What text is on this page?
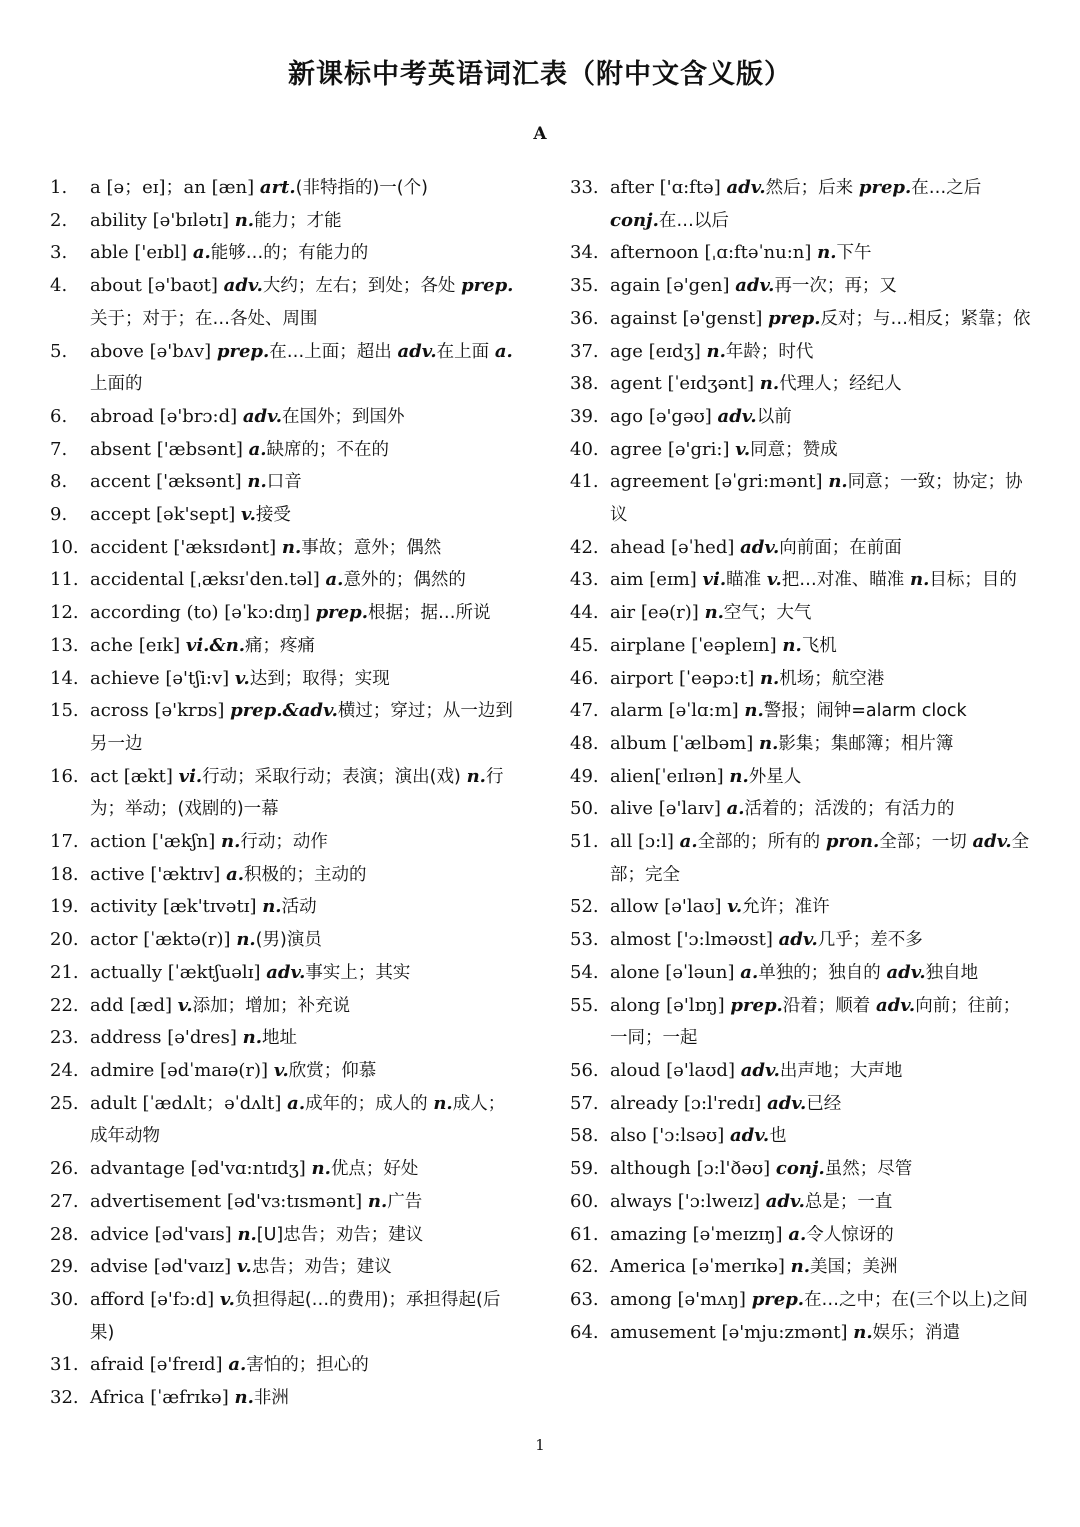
新课标中考英语词汇表（附中文含义版）
A
1.	a [ə；eɪ]；an [æn] art.(非特指的)一(个)
2.	ability [ə'bɪlətɪ] n.能力；才能
3.	able ['eɪbl] a.能够…的；有能力的
4.	about [ə'baʊt] adv.大约；左右；到处；各处 prep.关于；对于；在…各处、周围
5.	above [ə'bʌv] prep.在…上面；超出 adv.在上面 a.上面的
6.	abroad [ə'brɔ:d] adv.在国外；到国外
7.	absent ['æbsənt] a.缺席的；不在的
8.	accent ['æksənt] n.口音
9.	accept [ək'sept] v.接受
10. accident ['æksɪdənt] n.事故；意外；偶然
11. accidental [ˌæksɪˈden.təl] a.意外的；偶然的
12. according (to) [əˈkɔ:dɪŋ] prep.根据；据…所说
13. ache [eɪk] vi.&n.痛；疼痛
14. achieve [ə'tʃi:v] v.达到；取得；实现
15. across [ə'krɒs] prep.&adv.横过；穿过；从一边到另一边
16. act [ækt] vi.行动；采取行动；表演；演出(戏) n.行为；举动；(戏剧的)一幕
17. action ['ækʃn] n.行动；动作
18. active ['æktɪv] a.积极的；主动的
19. activity [æk'tɪvətɪ] n.活动
20. actor [ˈæktə(r)] n.(男)演员
21. actually [ˈæktʃuəlɪ] adv.事实上；其实
22. add [æd] v.添加；增加；补充说
23. address [ə'dres] n.地址
24. admire [ədˈmaɪə(r)] v.欣赏；仰慕
25. adult [ˈædʌlt；əˈdʌlt] a.成年的；成人的 n.成人；成年动物
26. advantage [əd'vɑ:ntɪdʒ] n.优点；好处
27. advertisement [əd'vɜ:tɪsmənt] n.广告
28. advice [əd'vaɪs] n.[U]忠告；劝告；建议
29. advise [əd'vaɪz] v.忠告；劝告；建议
30. afford [ə'fɔ:d] v.负担得起(…的费用)；承担得起(后果)
31. afraid [ə'freɪd] a.害怕的；担心的
32. Africa [ˈæfrɪkə] n.非洲
33. after ['ɑ:ftə] adv.然后；后来 prep.在…之后 conj.在…以后
34. afternoon [ˌɑ:ftəˈnu:n] n.下午
35. again [ə'gen] adv.再一次；再；又
36. against [ə'genst] prep.反对；与…相反；紧靠；依
37. age [eɪdʒ] n.年龄；时代
38. agent [ˈeɪdʒənt] n.代理人；经纪人
39. ago [ə'gəʊ] adv.以前
40. agree [ə'gri:] v.同意；赞成
41. agreement [əˈgri:mənt] n.同意；一致；协定；协议
42. ahead [əˈhed] adv.向前面；在前面
43. aim [eɪm] vi.瞄准 v.把…对准、瞄准 n.目标；目的
44. air [eə(r)] n.空气；大气
45. airplane [ˈeəpleɪn] n.飞机
46. airport [ˈeəpɔ:t] n.机场；航空港
47. alarm [əˈlɑ:m] n.警报；闹钟=alarm clock
48. album [ˈælbəm] n.影集；集邮簿；相片簿
49. alien[ˈeɪlɪən] n.外星人
50. alive [ə'laɪv] a.活着的；活泼的；有活力的
51. all [ɔ:l] a.全部的；所有的 pron.全部；一切 adv.全部；完全
52. allow [ə'laʊ] v.允许；准许
53. almost ['ɔ:lməʊst] adv.几乎；差不多
54. alone [əˈləun] a.单独的；独自的 adv.独自地
55. along [ə'lɒŋ] prep.沿着；顺着 adv.向前；往前；一同；一起
56. aloud [ə'laʊd] adv.出声地；大声地
57. already [ɔ:l'redɪ] adv.已经
58. also ['ɔ:lsəʊ] adv.也
59. although [ɔ:l'ðəʊ] conj.虽然；尽管
60. always ['ɔ:lweɪz] adv.总是；一直
61. amazing [əˈmeɪzɪŋ] a.令人惊讶的
62. America [əˈmerɪkə] n.美国；美洲
63. among [ə'mʌŋ] prep.在…之中；在(三个以上)之间
64. amusement [ə'mju:zmənt] n.娱乐；消遣
1
